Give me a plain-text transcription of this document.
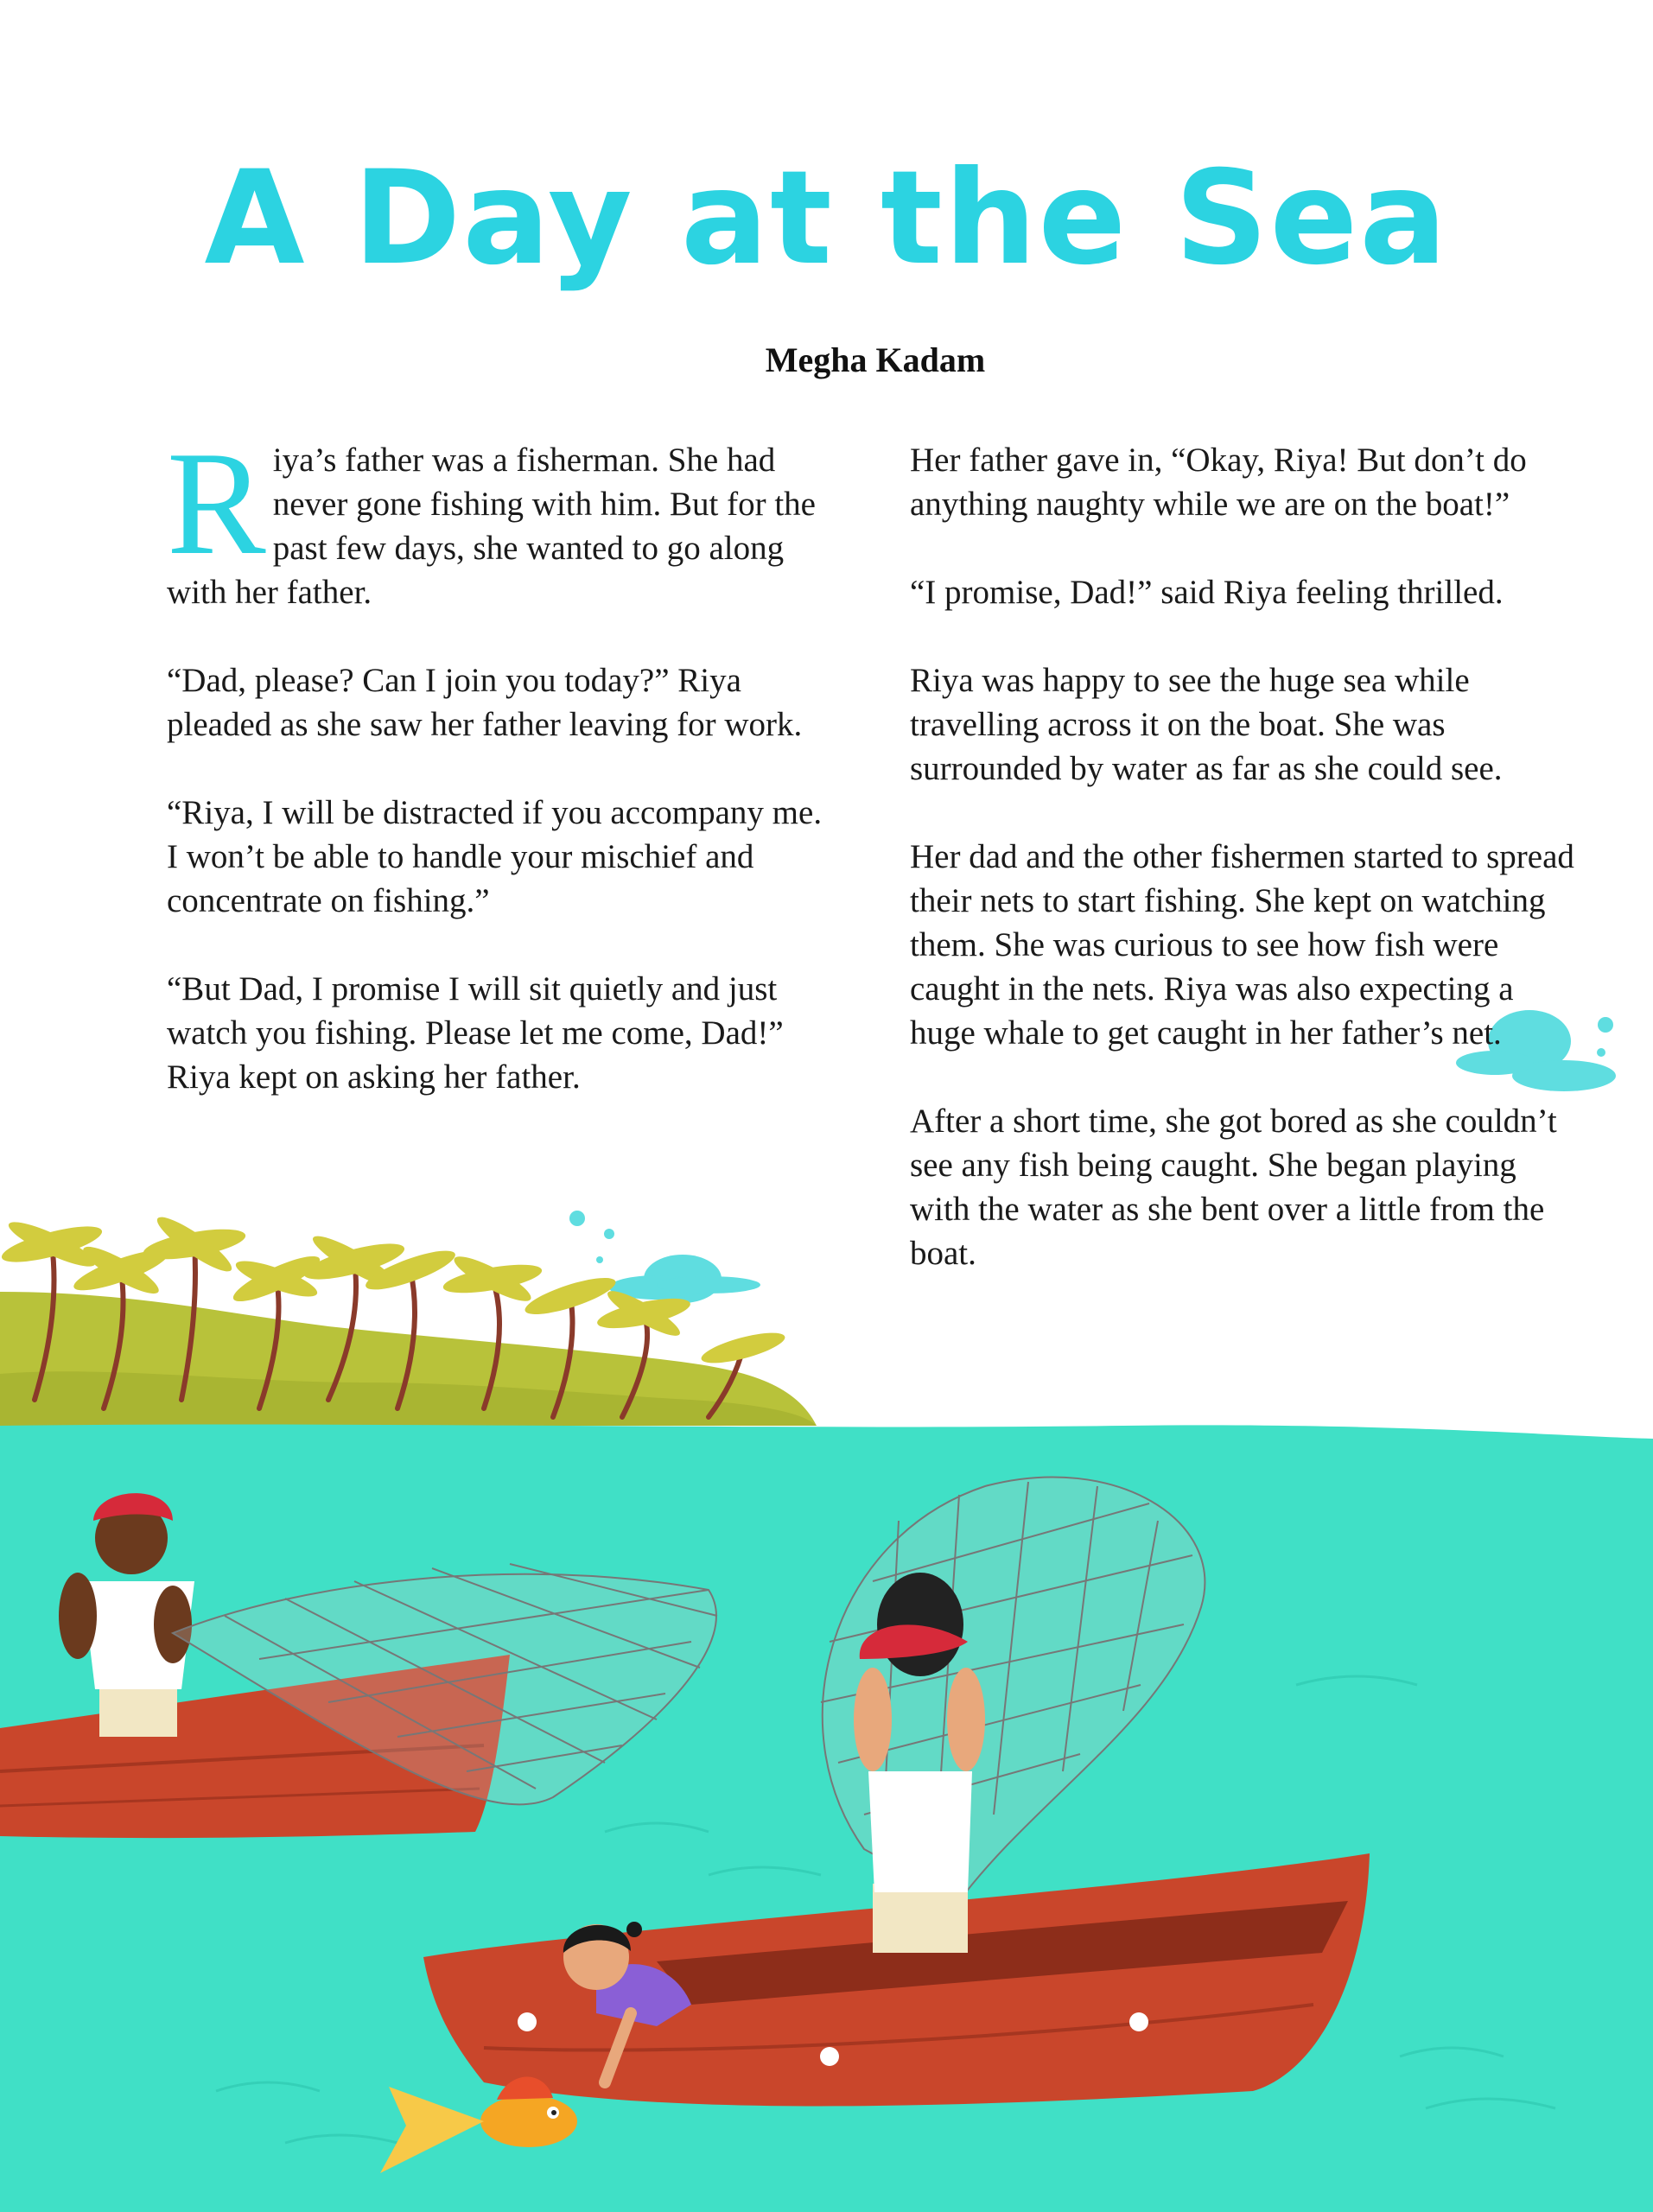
A Day at the Sea
Megha Kadam

Riya’s father was a fisherman. She had never gone fishing with him. But for the past few days, she wanted to go along with her father.

“Dad, please? Can I join you today?” Riya pleaded as she saw her father leaving for work.

“Riya, I will be distracted if you accompany me. I won’t be able to handle your mischief and concentrate on fishing.”

“But Dad, I promise I will sit quietly and just watch you fishing. Please let me come, Dad!” Riya kept on asking her father.

Her father gave in, “Okay, Riya! But don’t do anything naughty while we are on the boat!”

“I promise, Dad!” said Riya feeling thrilled.

Riya was happy to see the huge sea while travelling across it on the boat. She was surrounded by water as far as she could see.

Her dad and the other fishermen started to spread their nets to start fishing. She kept on watching them. She was curious to see how fish were caught in the nets. Riya was also expecting a huge whale to get caught in her father’s net.

After a short time, she got bored as she couldn’t see any fish being caught. She began playing with the water as she bent over a little from the boat.
